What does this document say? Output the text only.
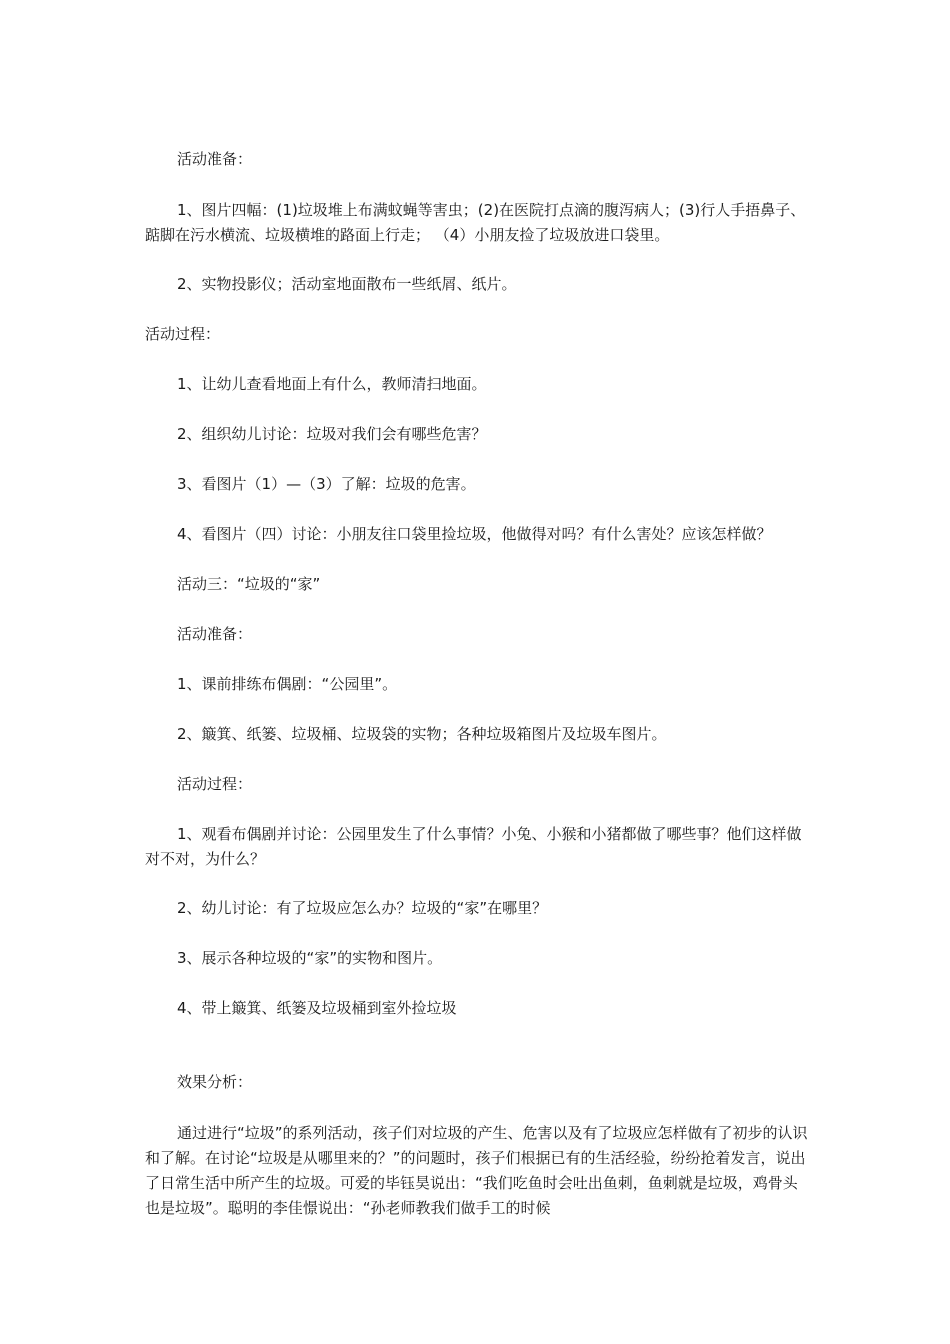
活动准备：

1、图片四幅：(1)垃圾堆上布满蚊蝇等害虫；(2)在医院打点滴的腹泻病人；(3)行人手捂鼻子、踮脚在污水横流、垃圾横堆的路面上行走； （4）小朋友捡了垃圾放进口袋里。

2、实物投影仪；活动室地面散布一些纸屑、纸片。

活动过程：

1、让幼儿查看地面上有什么，教师清扫地面。

2、组织幼儿讨论：垃圾对我们会有哪些危害？

3、看图片（1）—（3）了解：垃圾的危害。

4、看图片（四）讨论：小朋友往口袋里捡垃圾，他做得对吗？有什么害处？应该怎样做？

活动三：“垃圾的“家”

活动准备：

1、课前排练布偶剧：“公园里”。

2、簸箕、纸篓、垃圾桶、垃圾袋的实物；各种垃圾箱图片及垃圾车图片。

活动过程：

1、观看布偶剧并讨论：公园里发生了什么事情？小兔、小猴和小猪都做了哪些事？他们这样做对不对，为什么？

2、幼儿讨论：有了垃圾应怎么办？垃圾的“家”在哪里？

3、展示各种垃圾的“家”的实物和图片。

4、带上簸箕、纸篓及垃圾桶到室外捡垃圾

效果分析：

通过进行“垃圾”的系列活动，孩子们对垃圾的产生、危害以及有了垃圾应怎样做有了初步的认识和了解。在讨论“垃圾是从哪里来的？”的问题时，孩子们根据已有的生活经验，纷纷抢着发言，说出了日常生活中所产生的垃圾。可爱的毕钰昊说出：“我们吃鱼时会吐出鱼刺，鱼刺就是垃圾，鸡骨头也是垃圾”。聪明的李佳憬说出：“孙老师教我们做手工的时候
